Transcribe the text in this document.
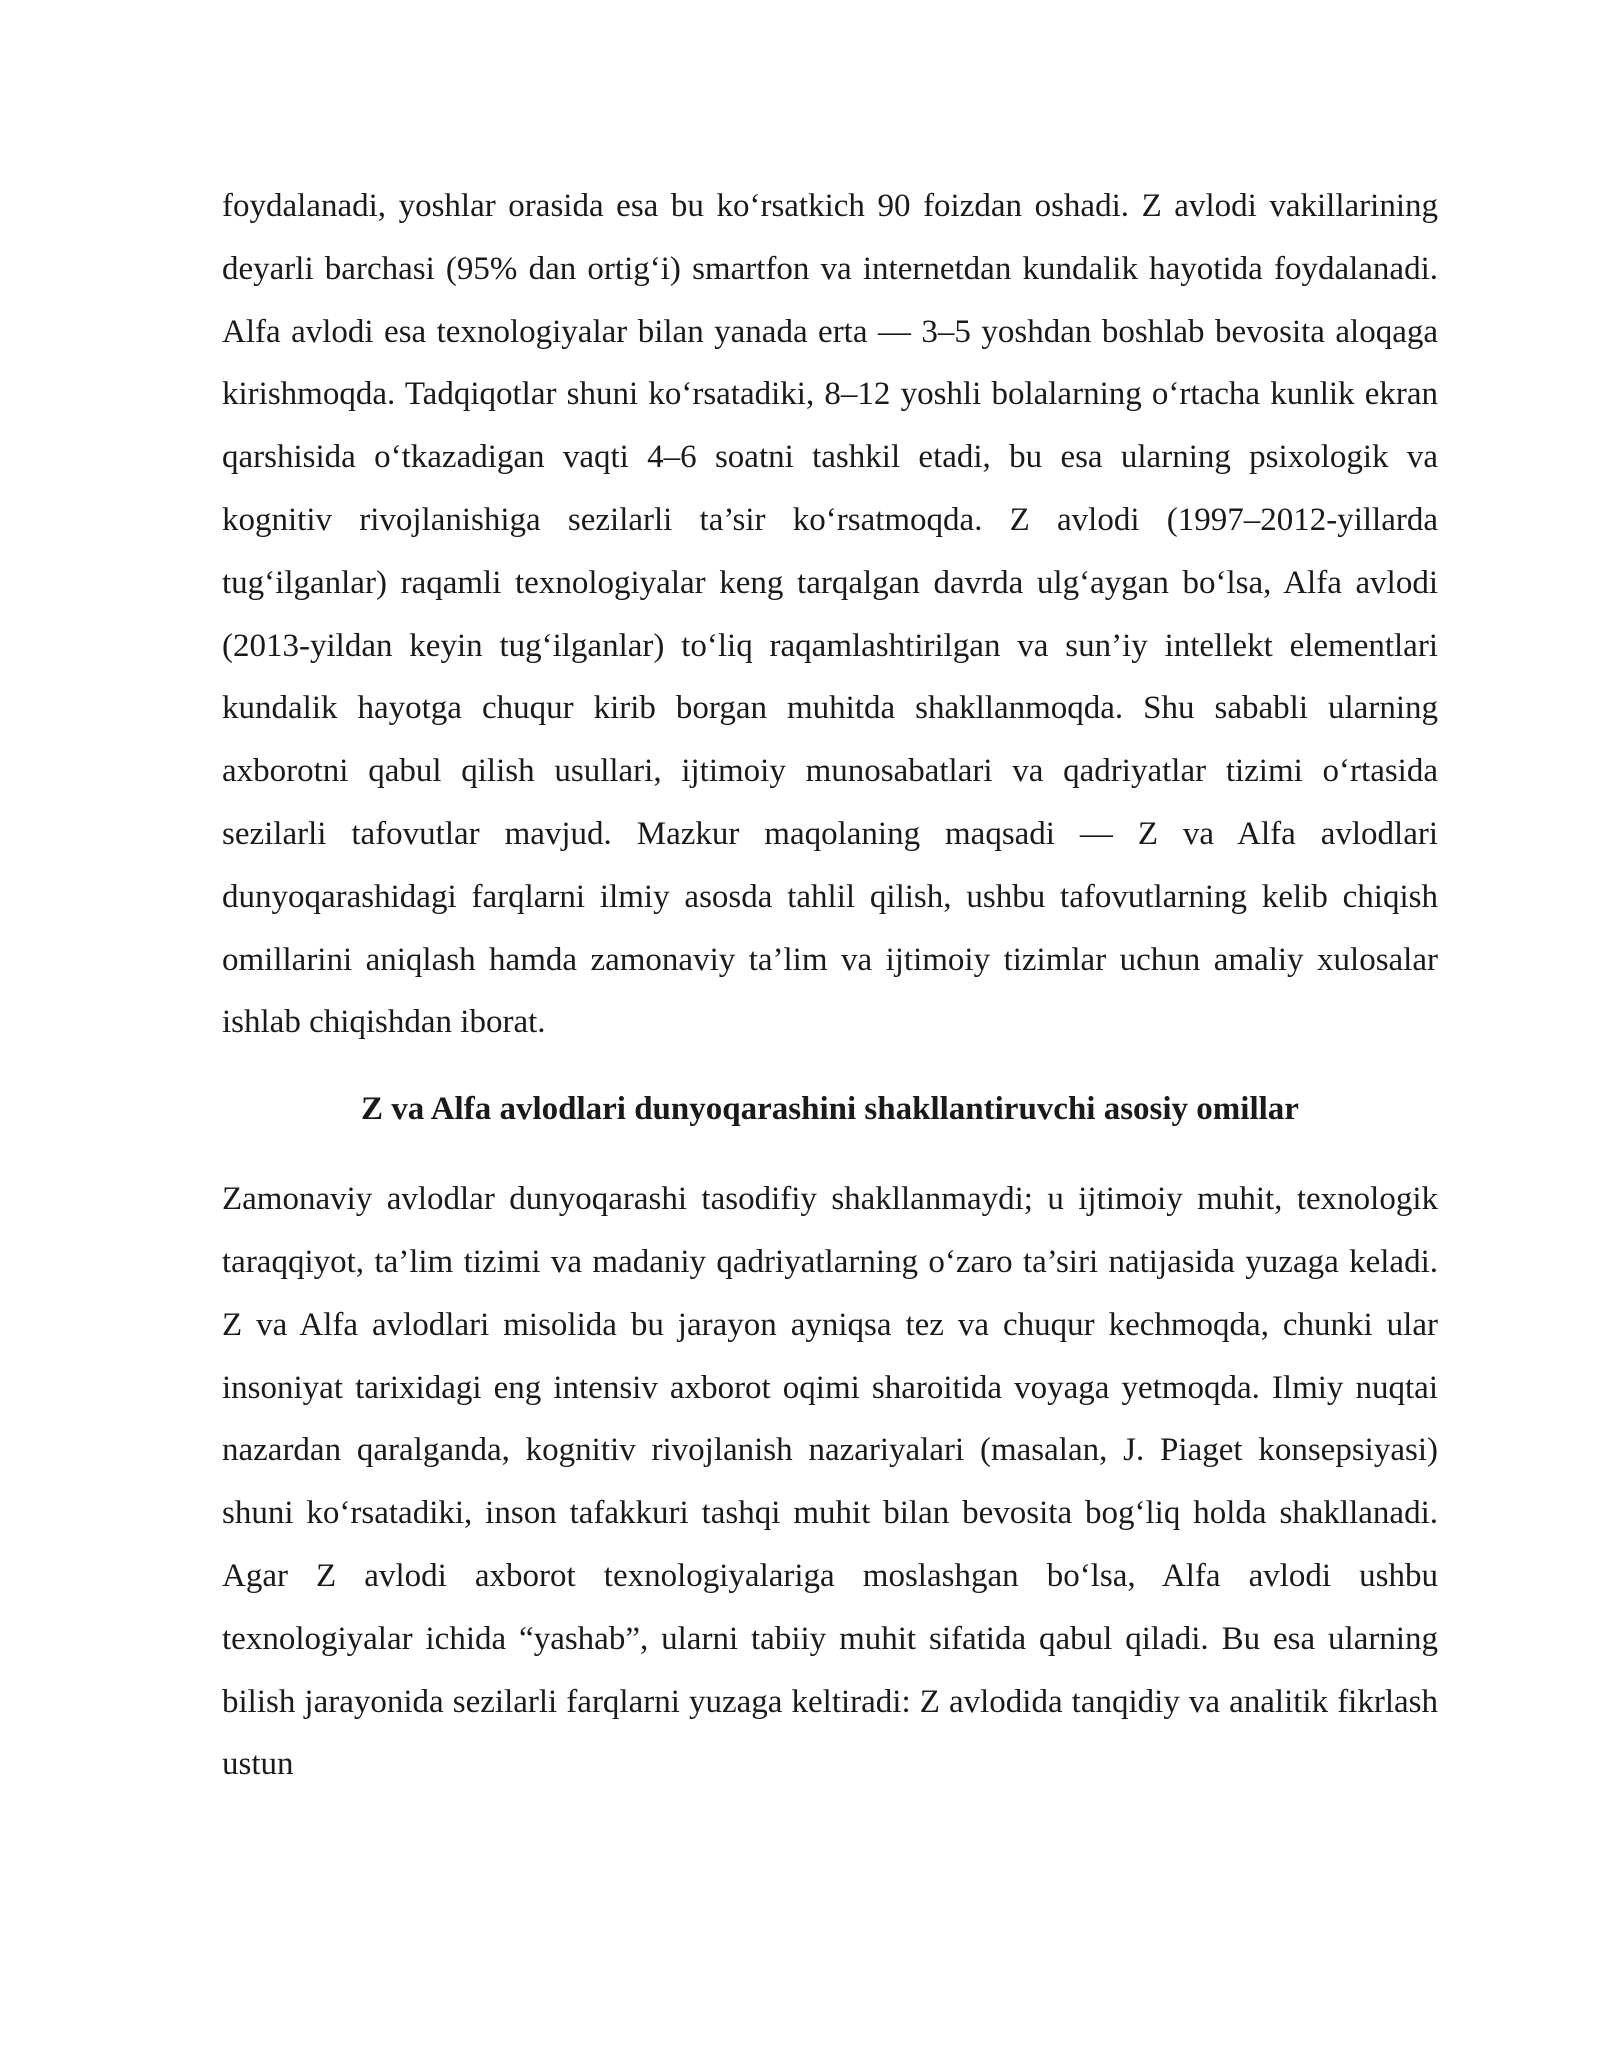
foydalanadi, yoshlar orasida esa bu ko‘rsatkich 90 foizdan oshadi. Z avlodi vakillarining deyarli barchasi (95% dan ortig‘i) smartfon va internetdan kundalik hayotida foydalanadi. Alfa avlodi esa texnologiyalar bilan yanada erta — 3–5 yoshdan boshlab bevosita aloqaga kirishmoqda. Tadqiqotlar shuni ko‘rsatadiki, 8–12 yoshli bolalarning o‘rtacha kunlik ekran qarshisida o‘tkazadigan vaqti 4–6 soatni tashkil etadi, bu esa ularning psixologik va kognitiv rivojlanishiga sezilarli ta’sir ko‘rsatmoqda. Z avlodi (1997–2012-yillarda tug‘ilganlar) raqamli texnologiyalar keng tarqalgan davrda ulg‘aygan bo‘lsa, Alfa avlodi (2013-yildan keyin tug‘ilganlar) to‘liq raqamlashtirilgan va sun’iy intellekt elementlari kundalik hayotga chuqur kirib borgan muhitda shakllanmoqda. Shu sababli ularning axborotni qabul qilish usullari, ijtimoiy munosabatlari va qadriyatlar tizimi o‘rtasida sezilarli tafovutlar mavjud. Mazkur maqolaning maqsadi — Z va Alfa avlodlari dunyoqarashidagi farqlarni ilmiy asosda tahlil qilish, ushbu tafovutlarning kelib chiqish omillarini aniqlash hamda zamonaviy ta’lim va ijtimoiy tizimlar uchun amaliy xulosalar ishlab chiqishdan iborat.

Z va Alfa avlodlari dunyoqarashini shakllantiruvchi asosiy omillar

Zamonaviy avlodlar dunyoqarashi tasodifiy shakllanmaydi; u ijtimoiy muhit, texnologik taraqqiyot, ta’lim tizimi va madaniy qadriyatlarning o‘zaro ta’siri natijasida yuzaga keladi. Z va Alfa avlodlari misolida bu jarayon ayniqsa tez va chuqur kechmoqda, chunki ular insoniyat tarixidagi eng intensiv axborot oqimi sharoitida voyaga yetmoqda. Ilmiy nuqtai nazardan qaralganda, kognitiv rivojlanish nazariyalari (masalan, J. Piaget konsepsiyasi) shuni ko‘rsatadiki, inson tafakkuri tashqi muhit bilan bevosita bog‘liq holda shakllanadi. Agar Z avlodi axborot texnologiyalariga moslashgan bo‘lsa, Alfa avlodi ushbu texnologiyalar ichida “yashab”, ularni tabiiy muhit sifatida qabul qiladi. Bu esa ularning bilish jarayonida sezilarli farqlarni yuzaga keltiradi: Z avlodida tanqidiy va analitik fikrlash ustun
